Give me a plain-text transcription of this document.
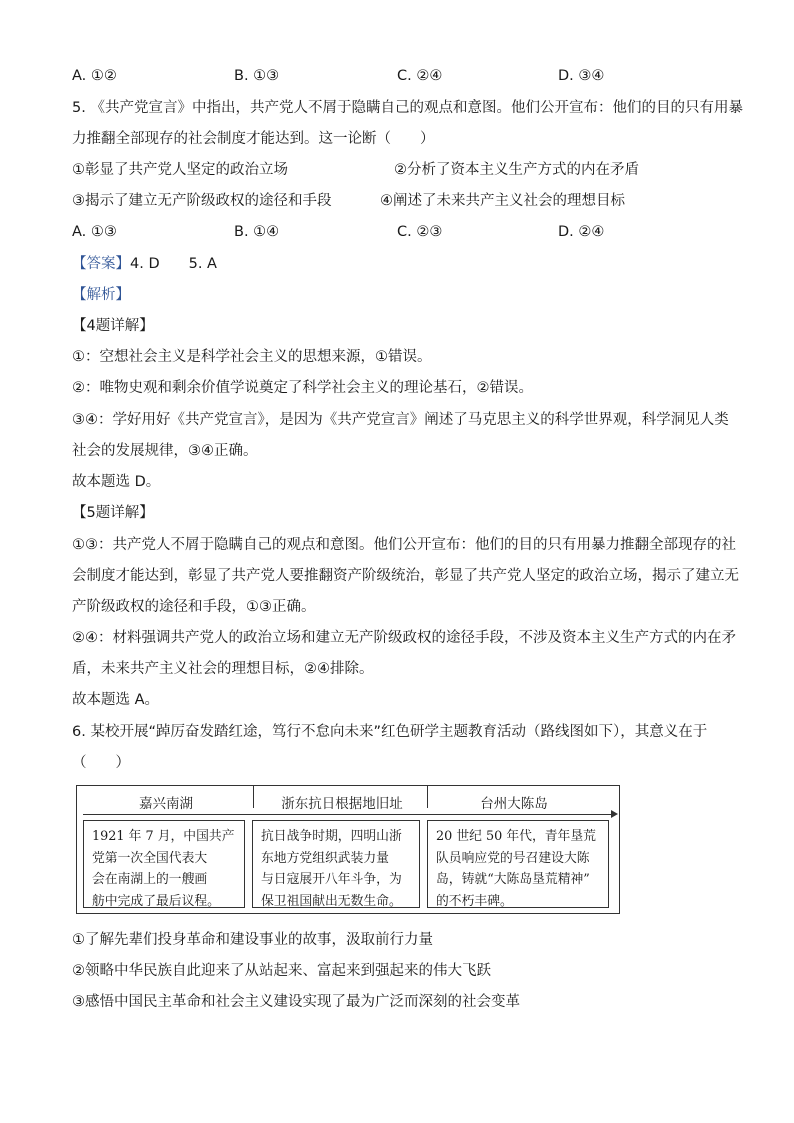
A. ①②	B. ①③	C. ②④	D. ③④
5. 《共产党宣言》中指出，共产党人不屑于隐瞒自己的观点和意图。他们公开宣布：他们的目的只有用暴
力推翻全部现存的社会制度才能达到。这一论断（　　）
①彰显了共产党人坚定的政治立场	②分析了资本主义生产方式的内在矛盾
③揭示了建立无产阶级政权的途径和手段	④阐述了未来共产主义社会的理想目标
A. ①③	B. ①④	C. ②③	D. ②④
【答案】4. D　　5. A
【解析】
【4题详解】
①：空想社会主义是科学社会主义的思想来源，①错误。
②：唯物史观和剩余价值学说奠定了科学社会主义的理论基石，②错误。
③④：学好用好《共产党宣言》，是因为《共产党宣言》阐述了马克思主义的科学世界观，科学洞见人类
社会的发展规律，③④正确。
故本题选 D。
【5题详解】
①③：共产党人不屑于隐瞒自己的观点和意图。他们公开宣布：他们的目的只有用暴力推翻全部现存的社
会制度才能达到，彰显了共产党人要推翻资产阶级统治，彰显了共产党人坚定的政治立场，揭示了建立无
产阶级政权的途径和手段，①③正确。
②④：材料强调共产党人的政治立场和建立无产阶级政权的途径手段，不涉及资本主义生产方式的内在矛
盾，未来共产主义社会的理想目标，②④排除。
故本题选 A。
6. 某校开展“踔厉奋发踏红途，笃行不怠向未来”红色研学主题教育活动（路线图如下），其意义在于
（　　）
嘉兴南湖	浙东抗日根据地旧址	台州大陈岛
1921 年 7 月，中国共产
党第一次全国代表大
会在南湖上的一艘画
舫中完成了最后议程。
抗日战争时期，四明山浙
东地方党组织武装力量
与日寇展开八年斗争，为
保卫祖国献出无数生命。
20 世纪 50 年代，青年垦荒
队员响应党的号召建设大陈
岛，铸就“大陈岛垦荒精神”
的不朽丰碑。
①了解先辈们投身革命和建设事业的故事，汲取前行力量
②领略中华民族自此迎来了从站起来、富起来到强起来的伟大飞跃
③感悟中国民主革命和社会主义建设实现了最为广泛而深刻的社会变革
